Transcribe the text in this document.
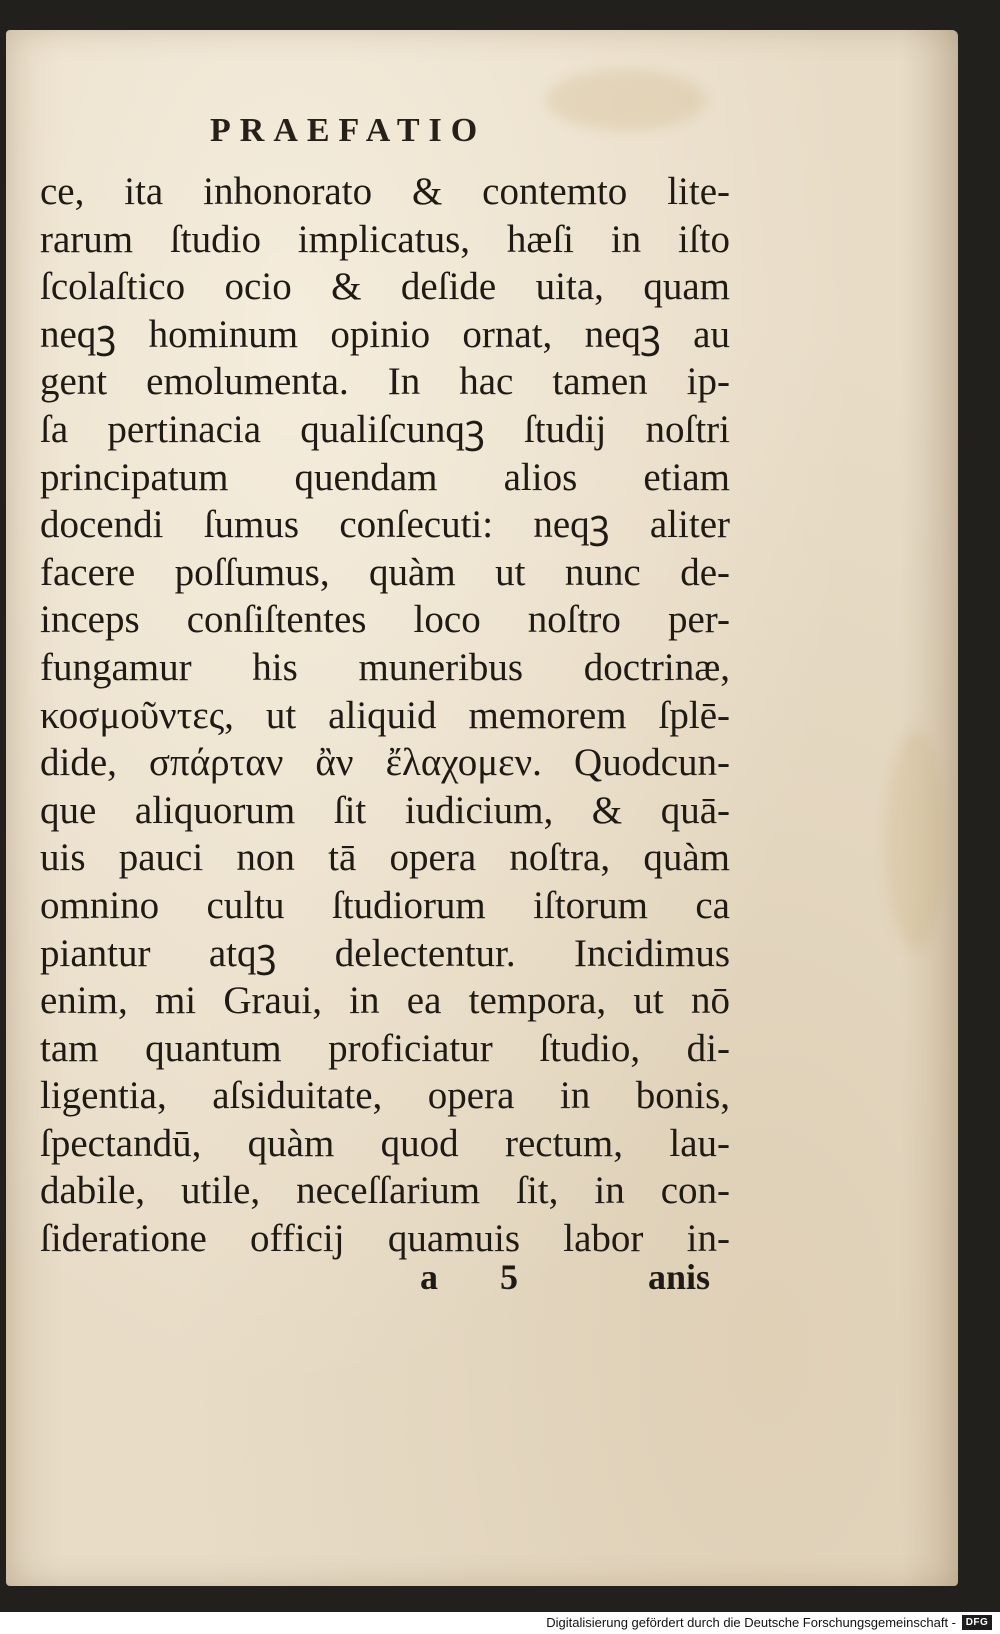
PRAEFATIO
ce, ita inhonorato & contemto lite-
rarum ſtudio implicatus, hæſi in iſto
ſcolaſtico ocio & deſide uita, quam
neqꝫ hominum opinio ornat, neqꝫ au
gent emolumenta. In hac tamen ip-
ſa pertinacia qualiſcunqꝫ ſtudij noſtri
principatum quendam alios etiam
docendi ſumus conſecuti: neqꝫ aliter
facere poſſumus, quàm ut nunc de-
inceps conſiſtentes loco noſtro per-
fungamur his muneribus doctrinæ,
κοσμοῦντες, ut aliquid memorem ſplē-
dide, σπάρταν ἂν ἔλαχομεν. Quodcun-
que aliquorum ſit iudicium, & quā-
uis pauci non tā opera noſtra, quàm
omnino cultu ſtudiorum iſtorum ca
piantur atqꝫ delectentur. Incidimus
enim, mi Graui, in ea tempora, ut nō
tam quantum proficiatur ſtudio, di-
ligentia, aſsiduitate, opera in bonis,
ſpectandū, quàm quod rectum, lau-
dabile, utile, neceſſarium ſit, in con-
ſideratione officij quamuis labor in-
a 5	anis
Digitalisierung gefördert durch die Deutsche Forschungsgemeinschaft - DFG
